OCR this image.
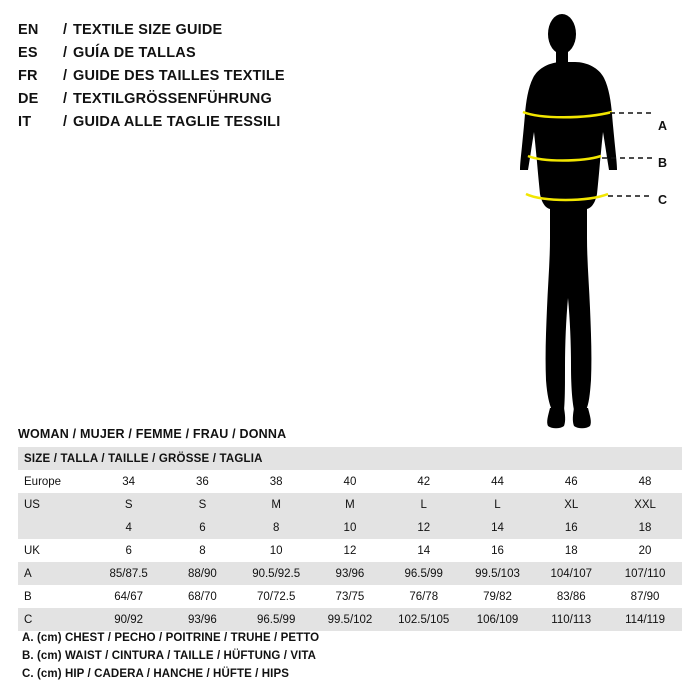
EN	/ TEXTILE SIZE GUIDE
ES	/ GUÍA DE TALLAS
FR	/ GUIDE DES TAILLES TEXTILE
DE	/ TEXTILGRÖSSENFÜHRUNG
IT	/ GUIDA ALLE TAGLIE TESSILI	A
B
C
WOMAN / MUJER / FEMME / FRAU / DONNA
SIZE / TALLA / TAILLE / GRÖSSE / TAGLIA								
Europe	34	36	38	40	42	44	46	48
US	S	S	M	M	L	L	XL	XXL
	4	6	8	10	12	14	16	18
UK	6	8	10	12	14	16	18	20
A	85/87.5	88/90	90.5/92.5	93/96	96.5/99	99.5/103	104/107	107/110
B	64/67	68/70	70/72.5	73/75	76/78	79/82	83/86	87/90
C	90/92	93/96	96.5/99	99.5/102	102.5/105	106/109	110/113	114/119
A. (cm) CHEST / PECHO / POITRINE / TRUHE / PETTO
B. (cm) WAIST / CINTURA / TAILLE / HÜFTUNG / VITA
C. (cm) HIP / CADERA / HANCHE / HÜFTE / HIPS
